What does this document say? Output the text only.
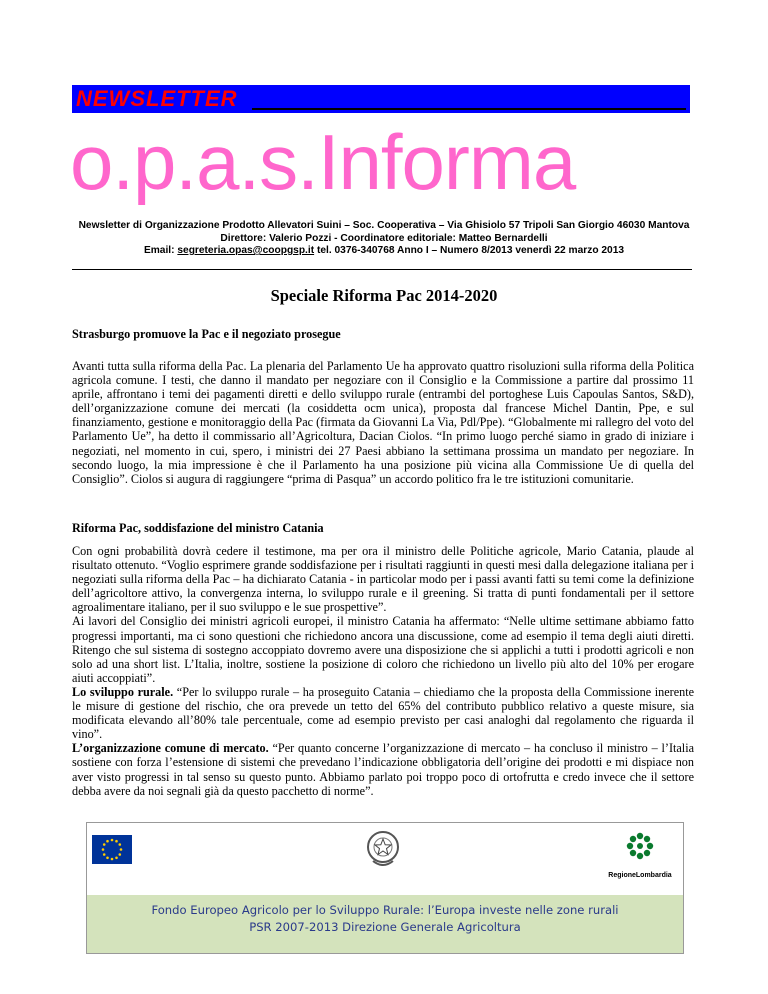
NEWSLETTER
o.p.a.s.Informa
Newsletter di Organizzazione Prodotto Allevatori Suini – Soc. Cooperativa – Via Ghisiolo 57 Tripoli San Giorgio 46030 Mantova
Direttore: Valerio Pozzi - Coordinatore editoriale: Matteo Bernardelli
Email: segreteria.opas@coopgsp.it tel. 0376-340768 Anno I – Numero 8/2013 venerdì 22 marzo 2013
Speciale Riforma Pac 2014-2020
Strasburgo promuove la Pac e il negoziato prosegue

Avanti tutta sulla riforma della Pac. La plenaria del Parlamento Ue ha approvato quattro risoluzioni sulla riforma della Politica agricola comune. I testi, che danno il mandato per negoziare con il Consiglio e la Commissione a partire dal prossimo 11 aprile, affrontano i temi dei pagamenti diretti e dello sviluppo rurale (entrambi del portoghese Luis Capoulas Santos, S&D), dell’organizzazione comune dei mercati (la cosiddetta ocm unica), proposta dal francese Michel Dantin, Ppe, e sul finanziamento, gestione e monitoraggio della Pac (firmata da Giovanni La Via, Pdl/Ppe). “Globalmente mi rallegro del voto del Parlamento Ue”, ha detto il commissario all’Agricoltura, Dacian Ciolos. “In primo luogo perché siamo in grado di iniziare i negoziati, nel momento in cui, spero, i ministri dei 27 Paesi abbiano la settimana prossima un mandato per negoziare. In secondo luogo, la mia impressione è che il Parlamento ha una posizione più vicina alla Commissione Ue di quella del Consiglio”. Ciolos si augura di raggiungere “prima di Pasqua” un accordo politico fra le tre istituzioni comunitarie.

Riforma Pac, soddisfazione del ministro Catania

Con ogni probabilità dovrà cedere il testimone, ma per ora il ministro delle Politiche agricole, Mario Catania, plaude al risultato ottenuto. “Voglio esprimere grande soddisfazione per i risultati raggiunti in questi mesi dalla delegazione italiana per i negoziati sulla riforma della Pac – ha dichiarato Catania - in particolar modo per i passi avanti fatti su temi come la definizione dell’agricoltore attivo, la convergenza interna, lo sviluppo rurale e il greening. Si tratta di punti fondamentali per il settore agroalimentare italiano, per il suo sviluppo e le sue prospettive”.

Ai lavori del Consiglio dei ministri agricoli europei, il ministro Catania ha affermato: “Nelle ultime settimane abbiamo fatto progressi importanti, ma ci sono questioni che richiedono ancora una discussione, come ad esempio il tema degli aiuti diretti. Ritengo che sul sistema di sostegno accoppiato dovremo avere una disposizione che si applichi a tutti i prodotti agricoli e non solo ad una short list. L’Italia, inoltre, sostiene la posizione di coloro che richiedono un livello più alto del 10% per erogare aiuti accoppiati”.

Lo sviluppo rurale. “Per lo sviluppo rurale – ha proseguito Catania – chiediamo che la proposta della Commissione inerente le misure di gestione del rischio, che ora prevede un tetto del 65% del contributo pubblico relativo a queste misure, sia modificata elevando all’80% tale percentuale, come ad esempio previsto per casi analoghi dal regolamento che riguarda il vino”.

L’organizzazione comune di mercato. “Per quanto concerne l’organizzazione di mercato – ha concluso il ministro – l’Italia sostiene con forza l’estensione di sistemi che prevedano l’indicazione obbligatoria dell’origine dei prodotti e mi dispiace non aver visto progressi in tal senso su questo punto. Abbiamo parlato poi troppo poco di ortofrutta e credo invece che il settore debba avere da noi segnali già da questo pacchetto di norme”.

RegioneLombardia
Fondo Europeo Agricolo per lo Sviluppo Rurale: l’Europa investe nelle zone rurali
PSR 2007-2013 Direzione Generale Agricoltura
